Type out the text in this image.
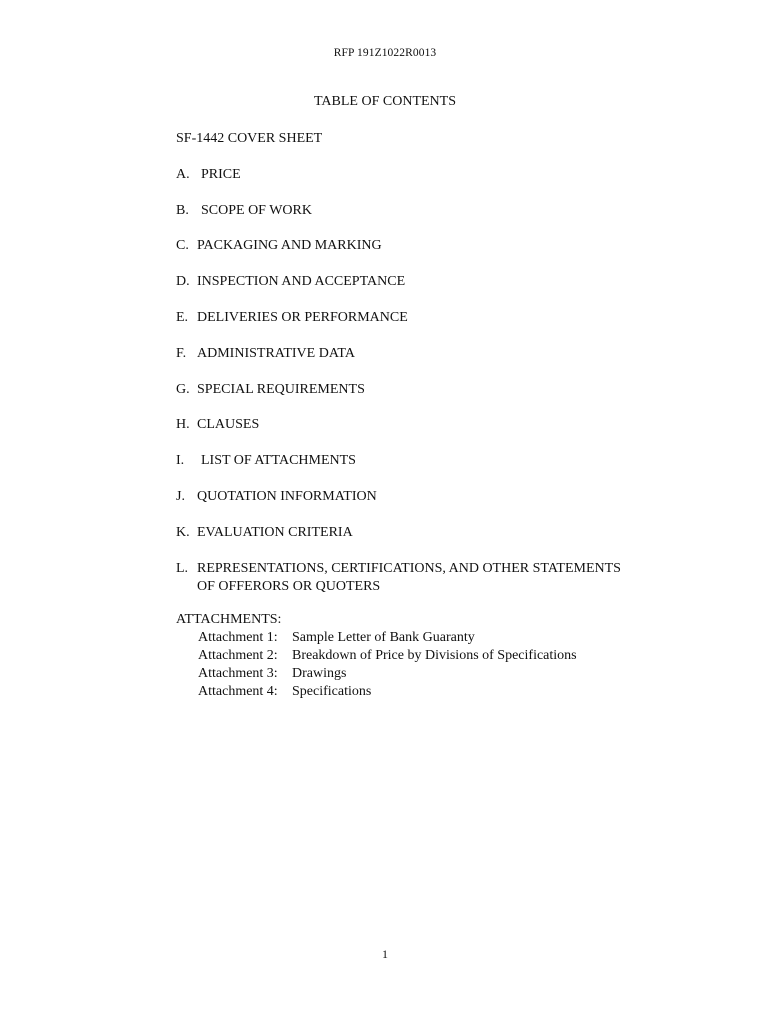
RFP 191Z1022R0013
TABLE OF CONTENTS
SF-1442 COVER SHEET
A. PRICE
B. SCOPE OF WORK
C. PACKAGING AND MARKING
D. INSPECTION AND ACCEPTANCE
E. DELIVERIES OR PERFORMANCE
F. ADMINISTRATIVE DATA
G. SPECIAL REQUIREMENTS
H. CLAUSES
I. LIST OF ATTACHMENTS
J. QUOTATION INFORMATION
K. EVALUATION CRITERIA
L. REPRESENTATIONS, CERTIFICATIONS, AND OTHER STATEMENTS
OF OFFERORS OR QUOTERS
ATTACHMENTS:
Attachment 1: Sample Letter of Bank Guaranty
Attachment 2: Breakdown of Price by Divisions of Specifications
Attachment 3: Drawings
Attachment 4: Specifications
1
